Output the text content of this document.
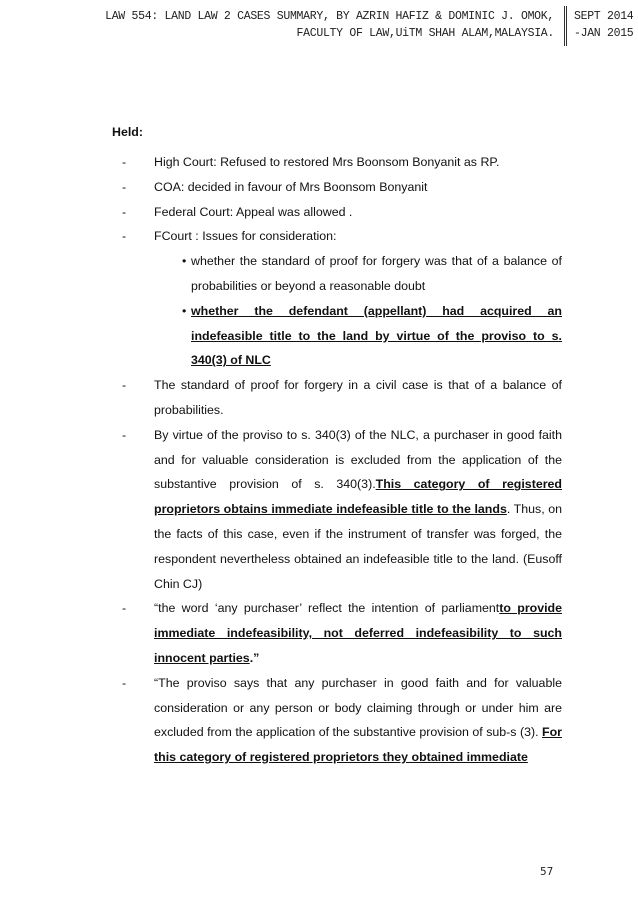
LAW 554: LAND LAW 2 CASES SUMMARY, BY AZRIN HAFIZ & DOMINIC J. OMOK,
FACULTY OF LAW,UiTM SHAH ALAM,MALAYSIA.
SEPT 2014
-JAN 2015
Held:
- High Court: Refused to restored Mrs Boonsom Bonyanit as RP.
- COA: decided in favour of Mrs Boonsom Bonyanit
- Federal Court: Appeal was allowed .
- FCourt : Issues for consideration:
• whether the standard of proof for forgery was that of a balance of probabilities or beyond a reasonable doubt
• whether the defendant (appellant) had acquired an indefeasible title to the land by virtue of the proviso to s. 340(3) of NLC
- The standard of proof for forgery in a civil case is that of a balance of probabilities.
- By virtue of the proviso to s. 340(3) of the NLC, a purchaser in good faith and for valuable consideration is excluded from the application of the substantive provision of s. 340(3).This category of registered proprietors obtains immediate indefeasible title to the lands. Thus, on the facts of this case, even if the instrument of transfer was forged, the respondent nevertheless obtained an indefeasible title to the land. (Eusoff Chin CJ)
- “the word ‘any purchaser’ reflect the intention of parliamentto provide immediate indefeasibility, not deferred indefeasibility to such innocent parties.”
- “The proviso says that any purchaser in good faith and for valuable consideration or any person or body claiming through or under him are excluded from the application of the substantive provision of sub-s (3). For this category of registered proprietors they obtained immediate
57
